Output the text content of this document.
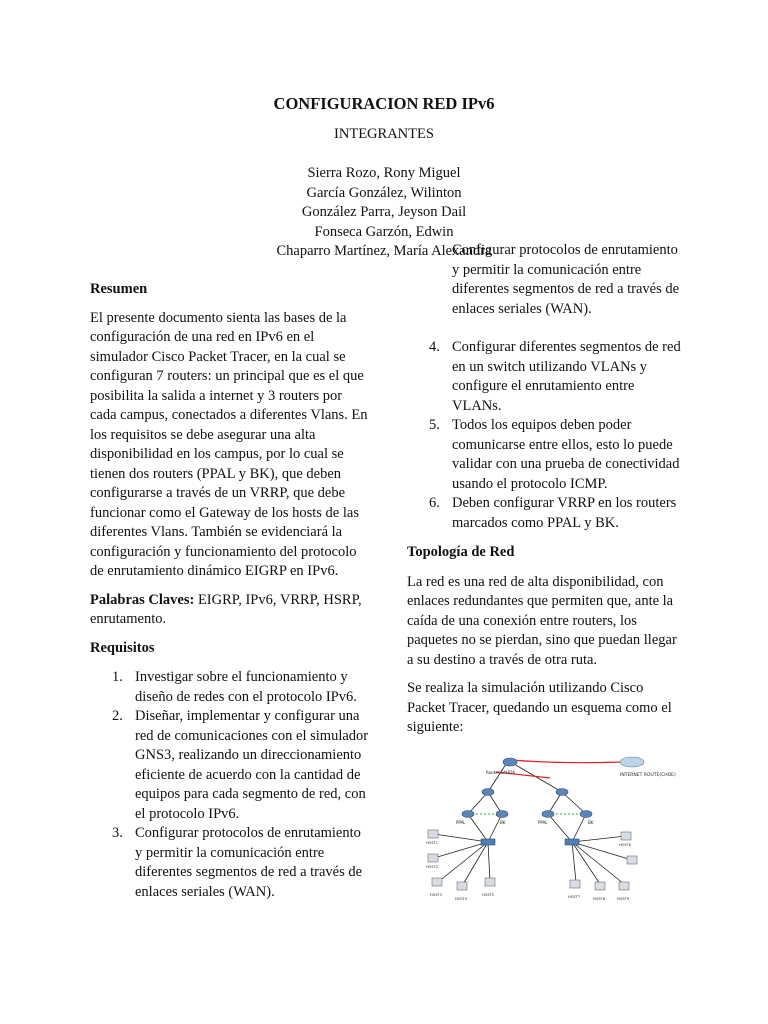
CONFIGURACION RED IPv6
INTEGRANTES
Sierra Rozo, Rony Miguel
García González, Wilinton
González Parra, Jeyson Dail
Fonseca Garzón, Edwin
Chaparro Martínez, María Alexandra

Resumen

El presente documento sienta las bases de la configuración de una red en IPv6 en el simulador Cisco Packet Tracer, en la cual se configuran 7 routers: un principal que es el que posibilita la salida a internet y 3 routers por cada campus, conectados a diferentes Vlans. En los requisitos se debe asegurar una alta disponibilidad en los campus, por lo cual se tienen dos routers (PPAL y BK), que deben configurarse a través de un VRRP, que debe funcionar como el Gateway de los hosts de las diferentes Vlans. También se evidenciará la configuración y funcionamiento del protocolo de enrutamiento dinámico EIGRP en IPv6.

Palabras Claves: EIGRP, IPv6, VRRP, HSRP, enrutamento.

Requisitos

1. Investigar sobre el funcionamiento y diseño de redes con el protocolo IPv6.
2. Diseñar, implementar y configurar una red de comunicaciones con el simulador GNS3, realizando un direccionamiento eficiente de acuerdo con la cantidad de equipos para cada segmento de red, con el protocolo IPv6.
3. Configurar protocolos de enrutamiento y permitir la comunicación entre diferentes segmentos de red a través de enlaces seriales (WAN).
Configurar protocolos de enrutamiento y permitir la comunicación entre diferentes segmentos de red a través de enlaces seriales (WAN).
4. Configurar diferentes segmentos de red en un switch utilizando VLANs y configure el enrutamiento entre VLANs.
5. Todos los equipos deben poder comunicarse entre ellos, esto lo puede validar con una prueba de conectividad usando el protocolo ICMP.
6. Deben configurar VRRP en los routers marcados como PPAL y BK.

Topología de Red

La red es una red de alta disponibilidad, con enlaces redundantes que permiten que, ante la caída de una conexión entre routers, los paquetes no se pierdan, sino que puedan llegar a su destino a través de otra ruta.

Se realiza la simulación utilizando Cisco Packet Tracer, quedando un esquema como el siguiente:

INTERNET ROUTE(CHOE)
Router SALIDA
PPAL	BK	PPAL	BK
HOST1
HOST2
HOST3
HOST4
HOST5
HOST6
HOST7	HOST8	HOST9
